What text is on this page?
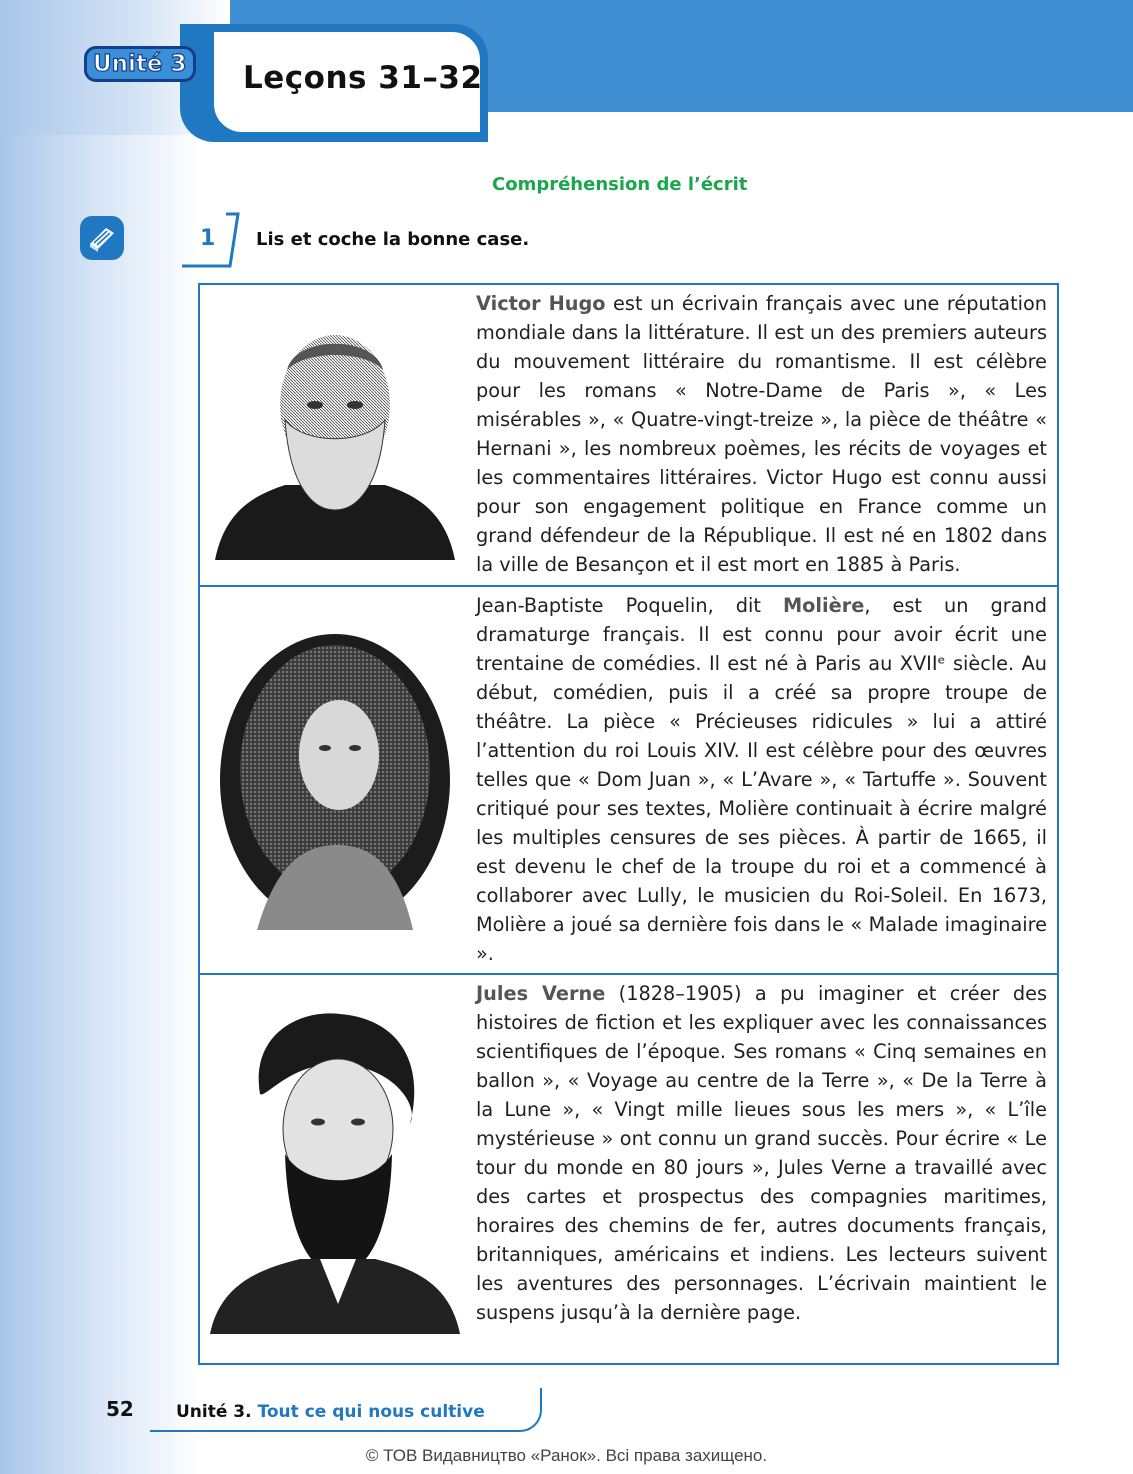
Leçons 31–32
Unité 3
Compréhension de l’écrit
1 Lis et coche la bonne case.

Victor Hugo est un écrivain français avec une réputation mondiale dans la littérature. Il est un des premiers auteurs du mouvement littéraire du romantisme. Il est célèbre pour les romans « Notre-Dame de Paris », « Les misérables », « Quatre-vingt-treize », la pièce de théâtre « Hernani », les nombreux poèmes, les récits de voyages et les commentaires littéraires. Victor Hugo est connu aussi pour son engagement politique en France comme un grand défendeur de la République. Il est né en 1802 dans la ville de Besançon et il est mort en 1885 à Paris.
Jean-Baptiste Poquelin, dit Molière, est un grand dramaturge français. Il est connu pour avoir écrit une trentaine de comédies. Il est né à Paris au XVIIᵉ siècle. Au début, comédien, puis il a créé sa propre troupe de théâtre. La pièce « Précieuses ridicules » lui a attiré l’attention du roi Louis XIV. Il est célèbre pour des œuvres telles que « Dom Juan », « L’Avare », « Tartuffe ». Souvent critiqué pour ses textes, Molière continuait à écrire malgré les multiples censures de ses pièces. À partir de 1665, il est devenu le chef de la troupe du roi et a commencé à collaborer avec Lully, le musicien du Roi-Soleil. En 1673, Molière a joué sa dernière fois dans le « Malade imaginaire ».
Jules Verne (1828–1905) a pu imaginer et créer des histoires de fiction et les expliquer avec les connaissances scientifiques de l’époque. Ses romans « Cinq semaines en ballon », « Voyage au centre de la Terre », « De la Terre à la Lune », « Vingt mille lieues sous les mers », « L’île mystérieuse » ont connu un grand succès. Pour écrire « Le tour du monde en 80 jours », Jules Verne a travaillé avec des cartes et prospectus des compagnies maritimes, horaires des chemins de fer, autres documents français, britanniques, américains et indiens. Les lecteurs suivent les aventures des personnages. L’écrivain maintient le suspens jusqu’à la dernière page.

52 Unité 3. Tout ce qui nous cultive

© ТОВ Видавництво «Ранок». Всі права захищено.
